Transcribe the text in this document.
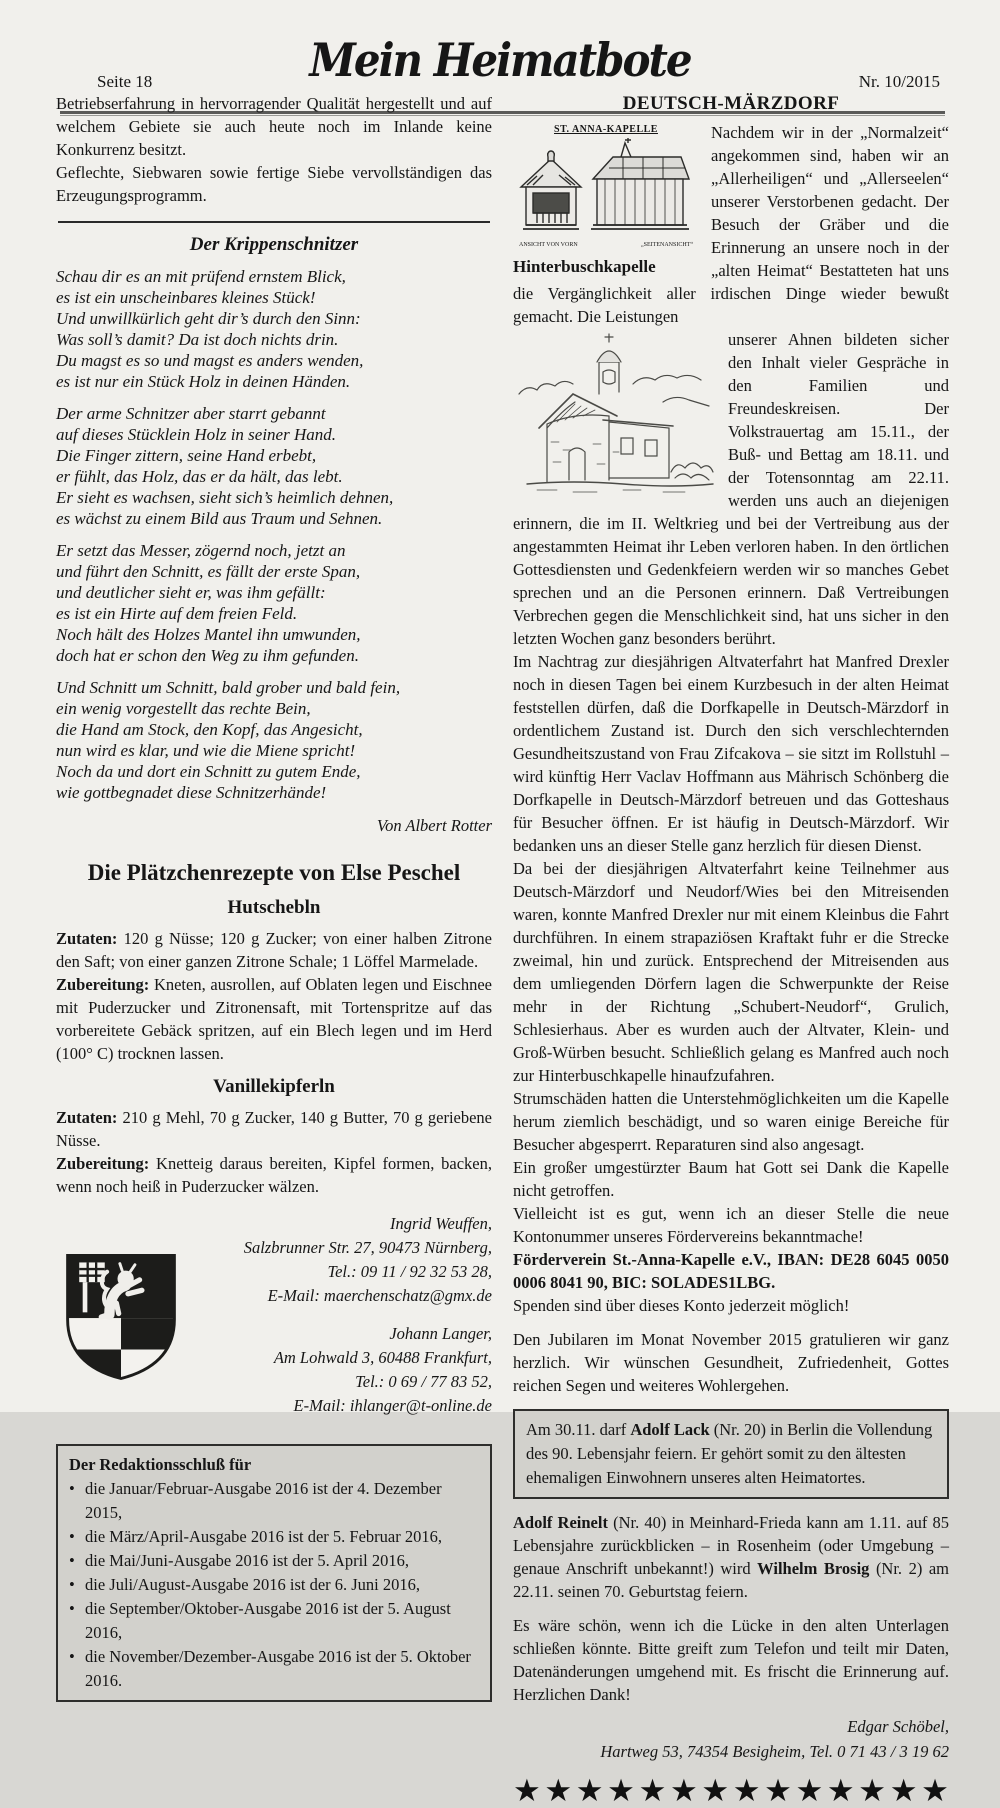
Seite 18	Mein Heimatbote	Nr. 10/2015

Betriebserfahrung in hervorragender Qualität hergestellt und auf welchem Gebiete sie auch heute noch im Inlande keine Konkurrenz besitzt.

Geflechte, Siebwaren sowie fertige Siebe vervollständigen das Erzeugungsprogramm.

Der Krippenschnitzer
Schau dir es an mit prüfend ernstem Blick,
es ist ein unscheinbares kleines Stück!
Und unwillkürlich geht dir’s durch den Sinn:
Was soll’s damit? Da ist doch nichts drin.
Du magst es so und magst es anders wenden,
es ist nur ein Stück Holz in deinen Händen.
Der arme Schnitzer aber starrt gebannt
auf dieses Stücklein Holz in seiner Hand.
Die Finger zittern, seine Hand erbebt,
er fühlt, das Holz, das er da hält, das lebt.
Er sieht es wachsen, sieht sich’s heimlich dehnen,
es wächst zu einem Bild aus Traum und Sehnen.
Er setzt das Messer, zögernd noch, jetzt an
und führt den Schnitt, es fällt der erste Span,
und deutlicher sieht er, was ihm gefällt:
es ist ein Hirte auf dem freien Feld.
Noch hält des Holzes Mantel ihn umwunden,
doch hat er schon den Weg zu ihm gefunden.
Und Schnitt um Schnitt, bald grober und bald fein,
ein wenig vorgestellt das rechte Bein,
die Hand am Stock, den Kopf, das Angesicht,
nun wird es klar, und wie die Miene spricht!
Noch da und dort ein Schnitt zu gutem Ende,
wie gottbegnadet diese Schnitzerhände!
Von Albert Rotter
Die Plätzchenrezepte von Else Peschel
Hutschebln

Zutaten: 120 g Nüsse; 120 g Zucker; von einer halben Zitrone den Saft; von einer ganzen Zitrone Schale; 1 Löffel Marmelade.

Zubereitung: Kneten, ausrollen, auf Oblaten legen und Eischnee mit Puderzucker und Zitronensaft, mit Tortenspritze auf das vorbereitete Gebäck spritzen, auf ein Blech legen und im Herd (100° C) trocknen lassen.

Vanillekipferln

Zutaten: 210 g Mehl, 70 g Zucker, 140 g Butter, 70 g geriebene Nüsse.

Zubereitung: Knetteig daraus bereiten, Kipfel formen, backen, wenn noch heiß in Puderzucker wälzen.

Ingrid Weuffen,
Salzbrunner Str. 27, 90473 Nürnberg,
Tel.: 09 11 / 92 32 53 28,
E-Mail: maerchenschatz@gmx.de
Johann Langer,
Am Lohwald 3, 60488 Frankfurt,
Tel.: 0 69 / 77 83 52,
E-Mail: ihlanger@t-online.de
Der Redaktionsschluß für
• die Januar/Februar-Ausgabe 2016 ist der 4. Dezember 2015,
• die März/April-Ausgabe 2016 ist der 5. Februar 2016,
• die Mai/Juni-Ausgabe 2016 ist der 5. April 2016,
• die Juli/August-Ausgabe 2016 ist der 6. Juni 2016,
• die September/Oktober-Ausgabe 2016 ist der 5. August 2016,
• die November/Dezember-Ausgabe 2016 ist der 5. Oktober 2016.
DEUTSCH-MÄRZDORF
ST. ANNA-KAPELLE
ANSICHT VON VORN	„SEITENANSICHT“
Hinterbuschkapelle

Nachdem wir in der „Normalzeit“ angekommen sind, haben wir an „Allerheiligen“ und „Allerseelen“ unserer Verstorbenen gedacht. Der Besuch der Gräber und die Erinnerung an unsere noch in der „alten Heimat“ Bestatteten hat uns die Vergänglichkeit aller irdischen Dinge wieder bewußt gemacht. Die Leistungen

unserer Ahnen bildeten sicher den Inhalt vieler Gespräche in den Familien und Freundeskreisen. Der Volkstrauertag am 15.11., der Buß- und Bettag am 18.11. und der Totensonntag am 22.11. werden uns auch an diejenigen erinnern, die im II. Weltkrieg und bei der Vertreibung aus der angestammten Heimat ihr Leben verloren haben. In den örtlichen Gottesdiensten und Gedenkfeiern werden wir so manches Gebet sprechen und an die Personen erinnern. Daß Vertreibungen Verbrechen gegen die Menschlichkeit sind, hat uns sicher in den letzten Wochen ganz besonders berührt.

Im Nachtrag zur diesjährigen Altvaterfahrt hat Manfred Drexler noch in diesen Tagen bei einem Kurzbesuch in der alten Heimat feststellen dürfen, daß die Dorfkapelle in Deutsch-Märzdorf in ordentlichem Zustand ist. Durch den sich verschlechternden Gesundheitszustand von Frau Zifcakova – sie sitzt im Rollstuhl – wird künftig Herr Vaclav Hoffmann aus Mährisch Schönberg die Dorfkapelle in Deutsch-Märzdorf betreuen und das Gotteshaus für Besucher öffnen. Er ist häufig in Deutsch-Märzdorf. Wir bedanken uns an dieser Stelle ganz herzlich für diesen Dienst.

Da bei der diesjährigen Altvaterfahrt keine Teilnehmer aus Deutsch-Märzdorf und Neudorf/Wies bei den Mitreisenden waren, konnte Manfred Drexler nur mit einem Kleinbus die Fahrt durchführen. In einem strapaziösen Kraftakt fuhr er die Strecke zweimal, hin und zurück. Entsprechend der Mitreisenden aus dem umliegenden Dörfern lagen die Schwerpunkte der Reise mehr in der Richtung „Schubert-Neudorf“, Grulich, Schlesierhaus. Aber es wurden auch der Altvater, Klein- und Groß-Würben besucht. Schließlich gelang es Manfred auch noch zur Hinterbuschkapelle hinaufzufahren.

Strumschäden hatten die Unterstehmöglichkeiten um die Kapelle herum ziemlich beschädigt, und so waren einige Bereiche für Besucher abgesperrt. Reparaturen sind also angesagt.

Ein großer umgestürzter Baum hat Gott sei Dank die Kapelle nicht getroffen.

Vielleicht ist es gut, wenn ich an dieser Stelle die neue Kontonummer unseres Fördervereins bekanntmache!

Förderverein St.-Anna-Kapelle e.V., IBAN: DE28 6045 0050 0006 8041 90, BIC: SOLADES1LBG.

Spenden sind über dieses Konto jederzeit möglich!

Den Jubilaren im Monat November 2015 gratulieren wir ganz herzlich. Wir wünschen Gesundheit, Zufriedenheit, Gottes reichen Segen und weiteres Wohlergehen.

Am 30.11. darf Adolf Lack (Nr. 20) in Berlin die Vollendung des 90. Lebensjahr feiern. Er gehört somit zu den ältesten ehemaligen Einwohnern unseres alten Heimatortes.

Adolf Reinelt (Nr. 40) in Meinhard-Frieda kann am 1.11. auf 85 Lebensjahre zurückblicken – in Rosenheim (oder Umgebung – genaue Anschrift unbekannt!) wird Wilhelm Brosig (Nr. 2) am 22.11. seinen 70. Geburtstag feiern.

Es wäre schön, wenn ich die Lücke in den alten Unterlagen schließen könnte. Bitte greift zum Telefon und teilt mir Daten, Datenänderungen umgehend mit. Es frischt die Erinnerung auf. Herzlichen Dank!

Edgar Schöbel,
Hartweg 53, 74354 Besigheim, Tel. 0 71 43 / 3 19 62
★ ★ ★ ★ ★ ★ ★ ★ ★ ★ ★ ★ ★ ★
